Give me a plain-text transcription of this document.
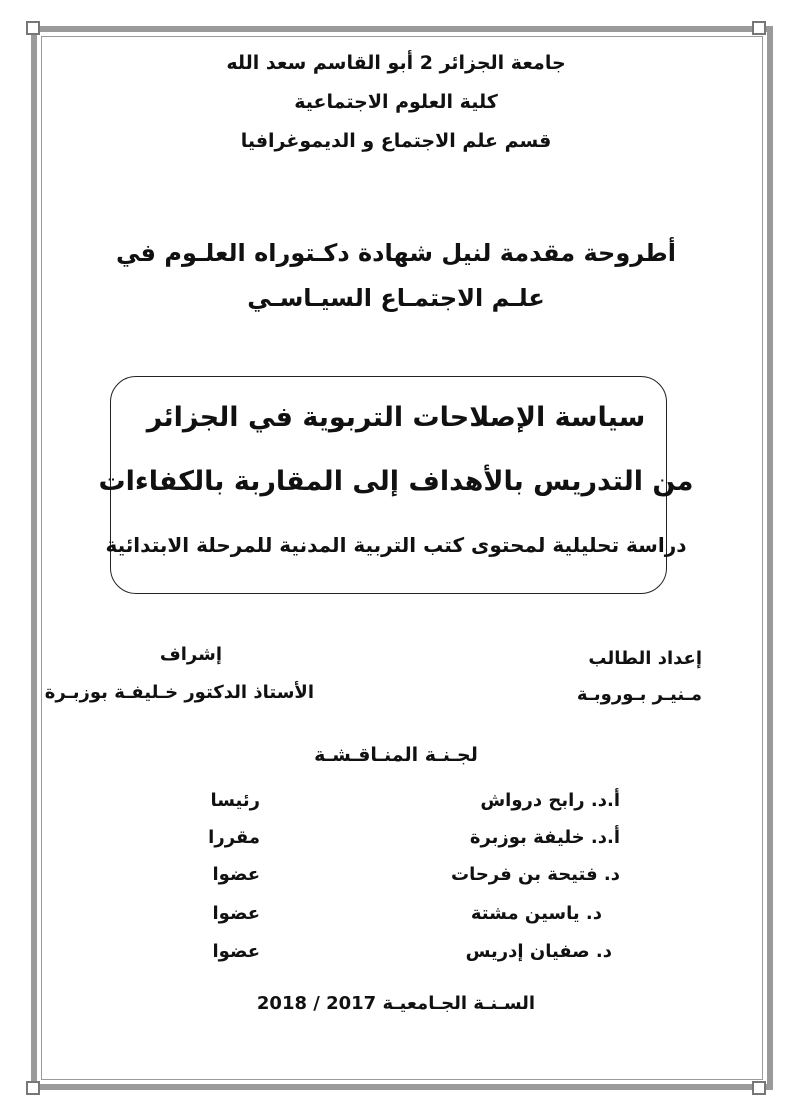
جامعة الجزائر 2 أبو القاسم سعد الله
كلية العلوم الاجتماعية
قسم علم الاجتماع و الديموغرافيا
أطروحة مقدمة لنيل شهادة دكـتوراه العلـوم في
علـم الاجتمـاع السيـاسـي
سياسة الإصلاحات التربوية في الجزائر
من التدريس بالأهداف إلى المقاربة بالكفاءات
دراسة تحليلية لمحتوى كتب التربية المدنية للمرحلة الابتدائية
إعداد الطالب
مـنيـر بـوروبـة
إشراف
الأستاذ الدكتور خـليفـة بوزبـرة
لجـنـة المنـاقـشـة
أ.د. رابح درواش
رئيسا
أ.د. خليفة بوزبرة
مقررا
د. فتيحة بن فرحات
عضوا
د. ياسين مشتة
عضوا
د. صفيان إدريس
عضوا
السـنـة الجـامعيـة 2017 / 2018
